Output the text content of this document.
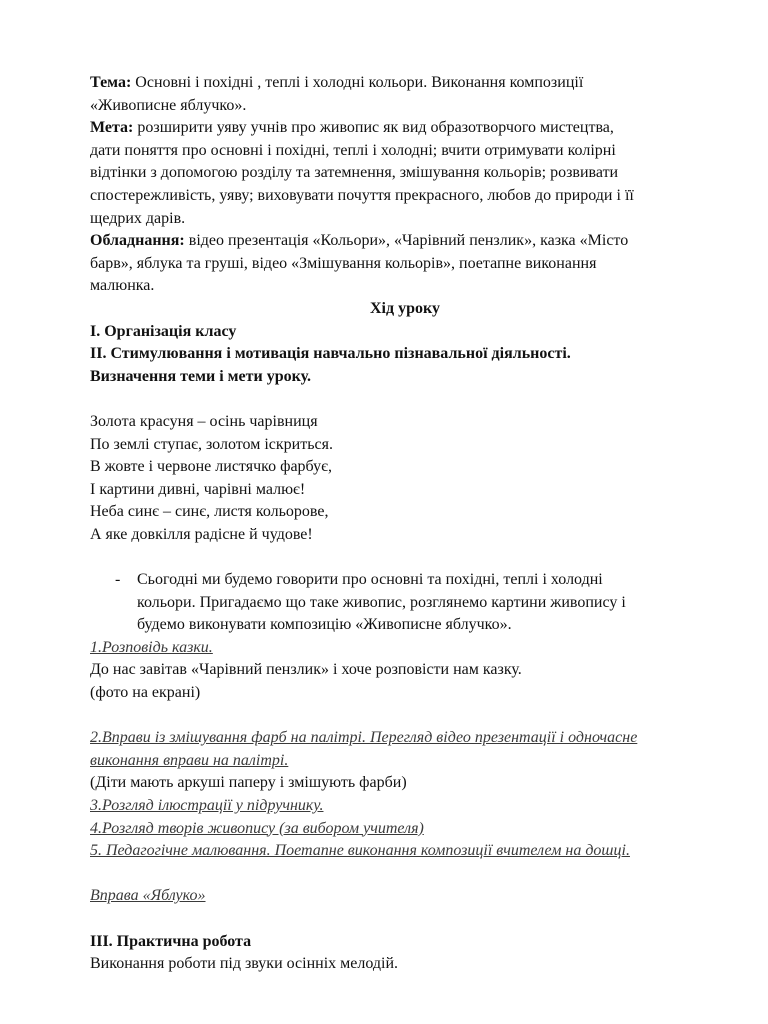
Тема: Основні і похідні , теплі і холодні кольори. Виконання композиції
«Живописне яблучко».
Мета: розширити уяву учнів про живопис як вид образотворчого мистецтва,
дати поняття про основні і похідні, теплі і холодні; вчити отримувати колірні
відтінки з допомогою розділу та затемнення, змішування кольорів; розвивати
спостережливість, уяву; виховувати почуття прекрасного, любов до природи і її
щедрих дарів.
Обладнання: відео презентація «Кольори», «Чарівний пензлик», казка «Місто
барв», яблука та груші, відео «Змішування кольорів», поетапне виконання
малюнка.
Хід уроку
І. Організація класу
ІІ. Стимулювання і мотивація навчально пізнавальної діяльності.
Визначення теми і мети уроку.
Золота красуня – осінь чарівниця
По землі ступає, золотом іскриться.
В жовте і червоне листячко фарбує,
І картини дивні, чарівні малює!
Неба синє – синє, листя кольорове,
А яке довкілля радісне й чудове!
- Сьогодні ми будемо говорити про основні та похідні, теплі і холодні
кольори. Пригадаємо що таке живопис, розглянемо картини живопису і
будемо виконувати композицію «Живописне яблучко».
1.Розповідь казки.
До нас завітав «Чарівний пензлик» і хоче розповісти нам казку.
(фото на екрані)
2.Вправи із змішування фарб на палітрі. Перегляд відео презентації і одночасне
виконання вправи на палітрі.
(Діти мають аркуші паперу і змішують фарби)
3.Розгляд ілюстрації у підручнику.
4.Розгляд творів живопису (за вибором учителя)
5. Педагогічне малювання. Поетапне виконання композиції вчителем на дошці.
Вправа «Яблуко»
ІІІ. Практична робота
Виконання роботи під звуки осінніх мелодій.
